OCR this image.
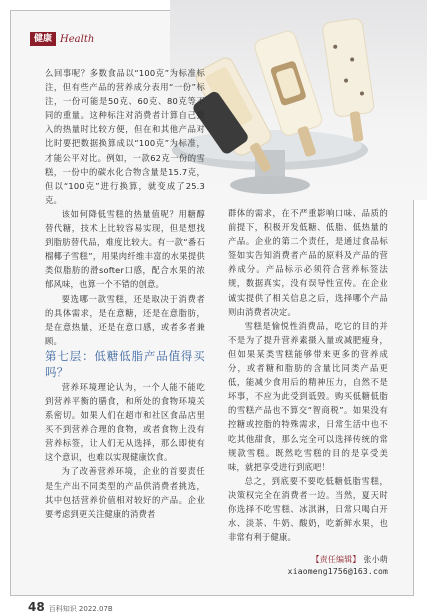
健康 Health

么回事呢？多数食品以“100克”为标准标注，但有些产品的营养成分表用“一份”标注，一份可能是50克、60克、80克等不同的重量。这种标注对消费者计算自己摄入的热量时比较方便，但在和其他产品对比时要把数据换算成以“100克”为标准，才能公平对比。例如，一款62克一份的雪糕，一份中的碳水化合物含量是15.7克，但以“100克”进行换算，就变成了25.3克。

该如何降低雪糕的热量值呢？用糖醇替代糖，技术上比较容易实现，但是想找到脂肪替代品，难度比较大。有一款“番石榴椰子雪糕”，用果肉纤维丰富的水果提供类似脂肪的滑softer口感，配合水果的浓郁风味，也算一个不错的创意。

要选哪一款雪糕，还是取决于消费者的具体需求，是在意糖，还是在意脂肪，是在意热量，还是在意口感，或者多者兼顾。

第七层：低糖低脂产品值得买吗？

营养环境理论认为，一个人能不能吃到营养平衡的膳食，和所处的食物环境关系密切。如果人们在超市和社区食品店里买不到营养合理的食物，或者食物上没有营养标签，让人们无从选择，那么即使有这个意识，也难以实现健康饮食。

为了改善营养环境，企业的首要责任是生产出不同类型的产品供消费者挑选，其中包括营养价值相对较好的产品。企业要考虑到更关注健康的消费者

群体的需求，在不严重影响口味、品质的前提下，积极开发低糖、低脂、低热量的产品。企业的第二个责任，是通过食品标签如实告知消费者产品的原料及产品的营养成分。产品标示必须符合营养标签法规，数据真实，没有误导性宣传。在企业诚实提供了相关信息之后，选择哪个产品则由消费者决定。

雪糕是愉悦性消费品，吃它的目的并不是为了提升营养素摄入量或减肥瘦身，但如果某类雪糕能够带来更多的营养成分，或者糖和脂肪的含量比同类产品更低，能减少食用后的精神压力，自然不是坏事，不应为此受到诋毁。购买低糖低脂的雪糕产品也不算交“智商税”。如果没有控糖或控脂的特殊需求，日常生活中也不吃其他甜食，那么完全可以选择传统的常规款雪糕。既然吃雪糕的目的是享受美味，就把享受进行到底吧！

总之，到底要不要吃低糖低脂雪糕，决策权完全在消费者一边。当然，夏天时你选择不吃雪糕、冰淇淋，日常只喝白开水、淡茶、牛奶、酸奶，吃新鲜水果，也非常有利于健康。

【责任编辑】 张小萌
xiaomeng1756@163.com
48 百科知识 2022.07B
